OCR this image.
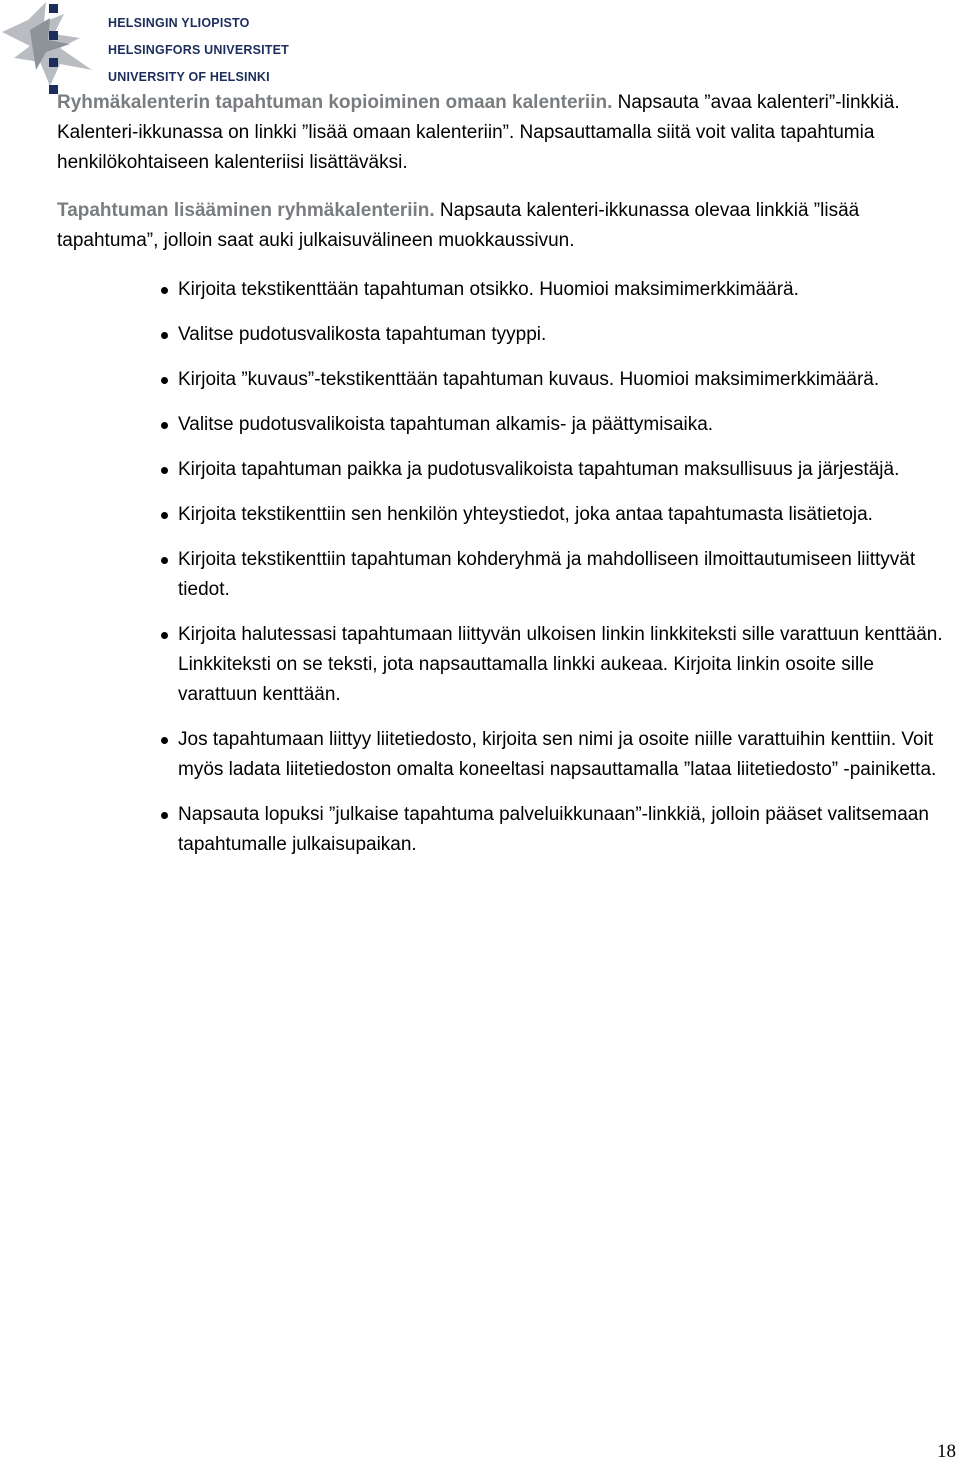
HELSINGIN YLIOPISTO
HELSINGFORS UNIVERSITET
UNIVERSITY OF HELSINKI

Ryhmäkalenterin tapahtuman kopioiminen omaan kalenteriin. Napsauta ”avaa kalenteri”-linkkiä. Kalenteri-ikkunassa on linkki ”lisää omaan kalenteriin”. Napsauttamalla siitä voit valita tapahtumia henkilökohtaiseen kalenteriisi lisättäväksi.

Tapahtuman lisääminen ryhmäkalenteriin. Napsauta kalenteri-ikkunassa olevaa linkkiä ”lisää tapahtuma”, jolloin saat auki julkaisuvälineen muokkaussivun.

Kirjoita tekstikenttään tapahtuman otsikko. Huomioi maksimimerkkimäärä.
Valitse pudotusvalikosta tapahtuman tyyppi.
Kirjoita ”kuvaus”-tekstikenttään tapahtuman kuvaus. Huomioi maksimimerkkimäärä.
Valitse pudotusvalikoista tapahtuman alkamis- ja päättymisaika.
Kirjoita tapahtuman paikka ja pudotusvalikoista tapahtuman maksullisuus ja järjestäjä.
Kirjoita tekstikenttiin sen henkilön yhteystiedot, joka antaa tapahtumasta lisätietoja.
Kirjoita tekstikenttiin tapahtuman kohderyhmä ja mahdolliseen ilmoittautumiseen liittyvät tiedot.
Kirjoita halutessasi tapahtumaan liittyvän ulkoisen linkin linkkiteksti sille varattuun kenttään. Linkkiteksti on se teksti, jota napsauttamalla linkki aukeaa. Kirjoita linkin osoite sille varattuun kenttään.
Jos tapahtumaan liittyy liitetiedosto, kirjoita sen nimi ja osoite niille varattuihin kenttiin. Voit myös ladata liitetiedoston omalta koneeltasi napsauttamalla ”lataa liitetiedosto” -painiketta.
Napsauta lopuksi ”julkaise tapahtuma palveluikkunaan”-linkkiä, jolloin pääset valitsemaan tapahtumalle julkaisupaikan.
18
